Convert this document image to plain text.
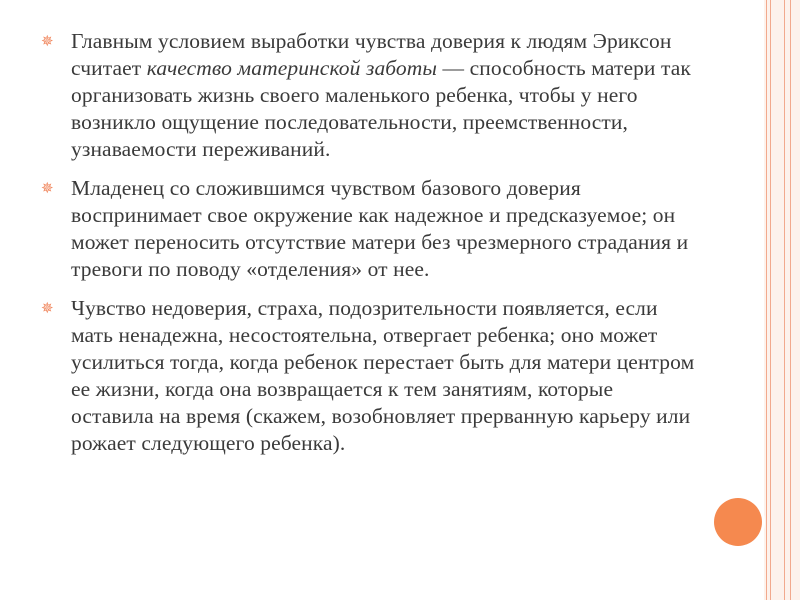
✵ Главным условием выработки чувства доверия к людям Эриксон считает качество материнской заботы — способность матери так организовать жизнь своего маленького ребенка, чтобы у него возникло ощущение последовательности, преемственности, узнаваемости переживаний.
✵ Младенец со сложившимся чувством базового доверия воспринимает свое окружение как надежное и предсказуемое; он может переносить отсутствие матери без чрезмерного страдания и тревоги по поводу «отделения» от нее.
✵ Чувство недоверия, страха, подозрительности появляется, если мать ненадежна, несостоятельна, отвергает ребенка; оно может усилиться тогда, когда ребенок перестает быть для матери центром ее жизни, когда она возвращается к тем занятиям, которые оставила на время (скажем, возобновляет прерванную карьеру или рожает следующего ребенка).
